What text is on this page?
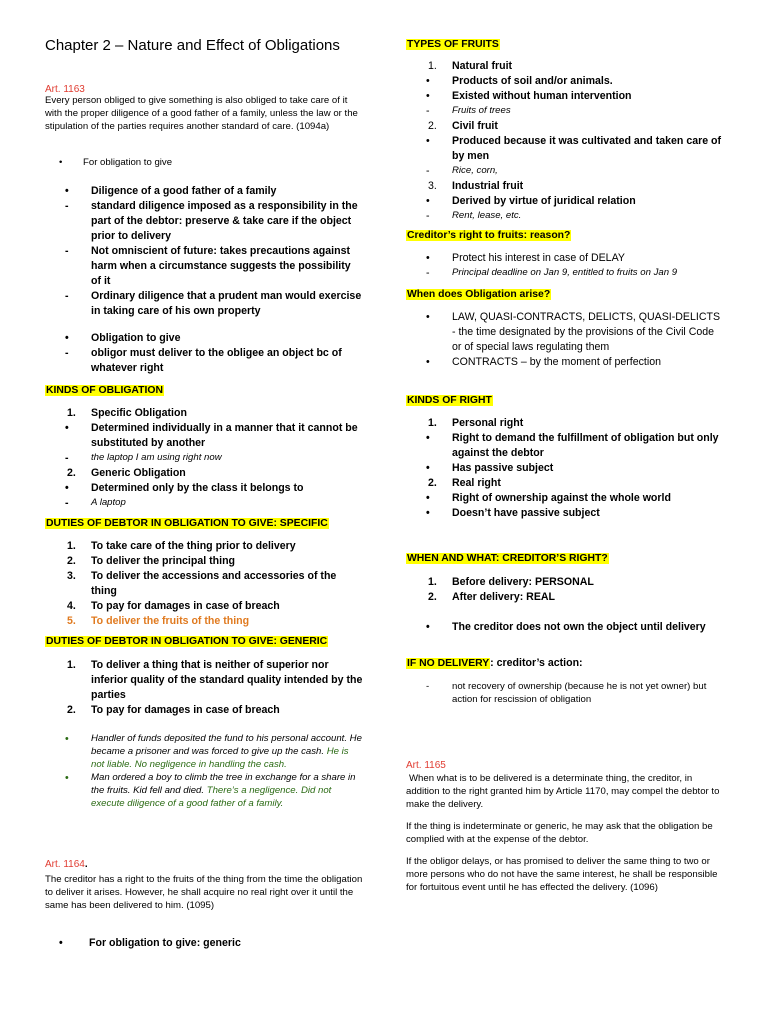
Chapter 2 – Nature and Effect of Obligations
Art. 1163
Every person obliged to give something is also obliged to take care of it with the proper diligence of a good father of a family, unless the law or the stipulation of the parties requires another standard of care. (1094a)
•	For obligation to give
•	Diligence of a good father of a family
-	standard diligence imposed as a responsibility in the part of the debtor: preserve & take care if the object prior to delivery
-	Not omniscient of future: takes precautions against harm when a circumstance suggests the possibility of it
-	Ordinary diligence that a prudent man would exercise in taking care of his own property
•	Obligation to give
-	obligor must deliver to the obligee an object bc of whatever right
KINDS OF OBLIGATION
1.	Specific Obligation
•	Determined individually in a manner that it cannot be substituted by another
-	the laptop I am using right now
2.	Generic Obligation
•	Determined only by the class it belongs to
-	A laptop
DUTIES OF DEBTOR IN OBLIGATION TO GIVE: SPECIFIC
1.	To take care of the thing prior to delivery
2.	To deliver the principal thing
3.	To deliver the accessions and accessories of the thing
4.	To pay for damages in case of breach
5.	To deliver the fruits of the thing
DUTIES OF DEBTOR IN OBLIGATION TO GIVE: GENERIC
1.	To deliver a thing that is neither of superior nor inferior quality of the standard quality intended by the parties
2.	To pay for damages in case of breach
•	Handler of funds deposited the fund to his personal account. He became a prisoner and was forced to give up the cash. He is not liable. No negligence in handling the cash.
•	Man ordered a boy to climb the tree in exchange for a share in the fruits. Kid fell and died. There’s a negligence. Did not execute diligence of a good father of a family.
Art. 1164.
The creditor has a right to the fruits of the thing from the time the obligation to deliver it arises. However, he shall acquire no real right over it until the same has been delivered to him. (1095)
•	For obligation to give: generic
TYPES OF FRUITS
1.	Natural fruit
•	Products of soil and/or animals.
•	Existed without human intervention
-	Fruits of trees
2.	Civil fruit
•	Produced because it was cultivated and taken care of by men
-	Rice, corn,
3.	Industrial fruit
•	Derived by virtue of juridical relation
-	Rent, lease, etc.
Creditor’s right to fruits: reason?
•	Protect his interest in case of DELAY
-	Principal deadline on Jan 9, entitled to fruits on Jan 9
When does Obligation arise?
•	LAW, QUASI-CONTRACTS, DELICTS, QUASI-DELICTS - the time designated by the provisions of the Civil Code or of special laws regulating them
•	CONTRACTS – by the moment of perfection
KINDS OF RIGHT
1.	Personal right
•	Right to demand the fulfillment of obligation but only against the debtor
•	Has passive subject
2.	Real right
•	Right of ownership against the whole world
•	Doesn’t have passive subject
WHEN AND WHAT: CREDITOR’S RIGHT?
1.	Before delivery: PERSONAL
2.	After delivery: REAL
•	The creditor does not own the object until delivery
IF NO DELIVERY: creditor’s action:
-	not recovery of ownership (because he is not yet owner) but action for rescission of obligation
Art. 1165
When what is to be delivered is a determinate thing, the creditor, in addition to the right granted him by Article 1170, may compel the debtor to make the delivery.
If the thing is indeterminate or generic, he may ask that the obligation be complied with at the expense of the debtor.
If the obligor delays, or has promised to deliver the same thing to two or more persons who do not have the same interest, he shall be responsible for fortuitous event until he has effected the delivery. (1096)
